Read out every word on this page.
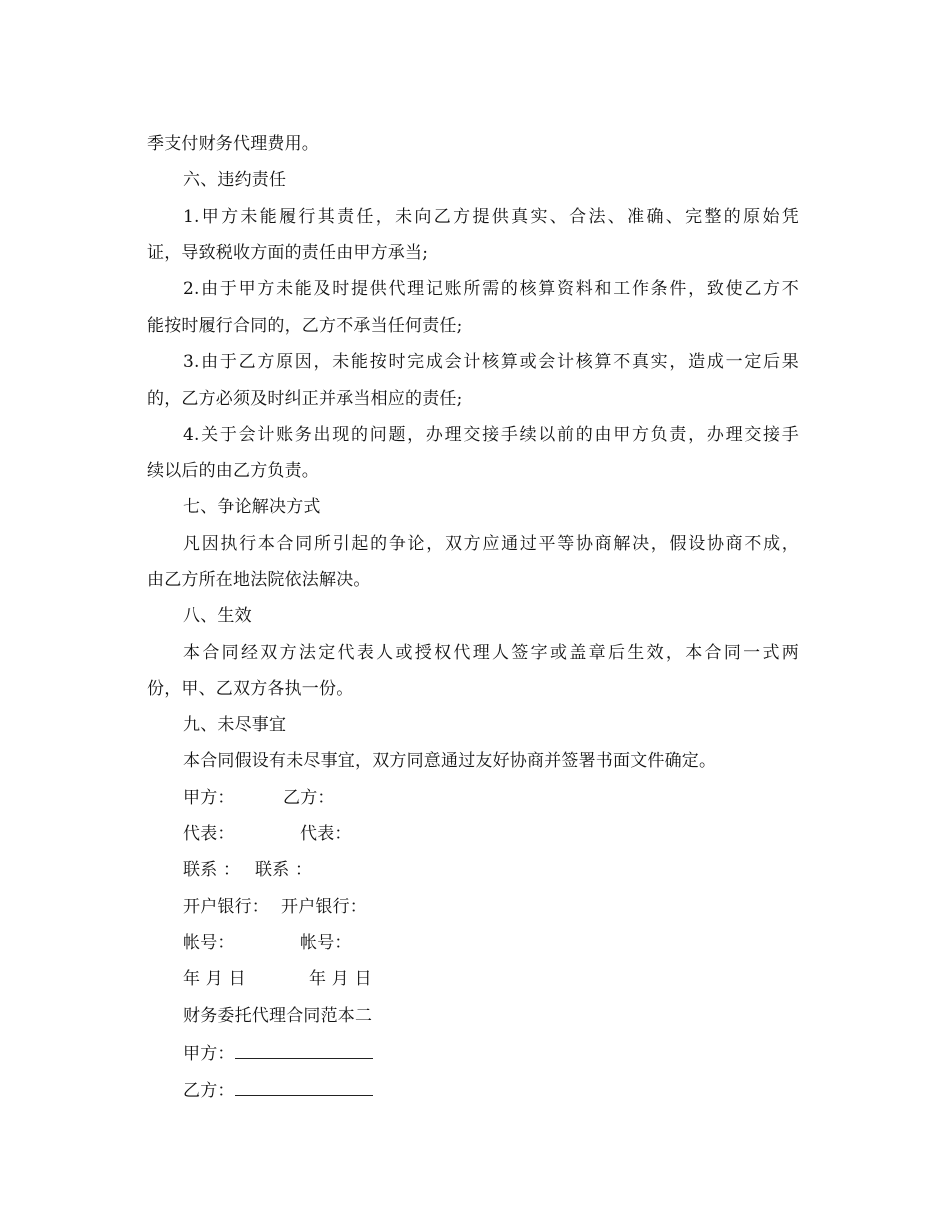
季支付财务代理费用。
六、违约责任
1.甲方未能履行其责任，未向乙方提供真实、合法、准确、完整的原始凭
证，导致税收方面的责任由甲方承当;
2.由于甲方未能及时提供代理记账所需的核算资料和工作条件，致使乙方不
能按时履行合同的，乙方不承当任何责任;
3.由于乙方原因，未能按时完成会计核算或会计核算不真实，造成一定后果
的，乙方必须及时纠正并承当相应的责任;
4.关于会计账务出现的问题，办理交接手续以前的由甲方负责，办理交接手
续以后的由乙方负责。
七、争论解决方式
凡因执行本合同所引起的争论，双方应通过平等协商解决，假设协商不成，
由乙方所在地法院依法解决。
八、生效
本合同经双方法定代表人或授权代理人签字或盖章后生效，本合同一式两
份，甲、乙双方各执一份。
九、未尽事宜
本合同假设有未尽事宜，双方同意通过友好协商并签署书面文件确定。
甲方：	乙方：
代表：	代表：
联系 ： 联系 ：
开户银行： 开户银行：
帐号：	帐号：
年 月 日	年 月 日
财务委托代理合同范本二
甲方：
乙方：
